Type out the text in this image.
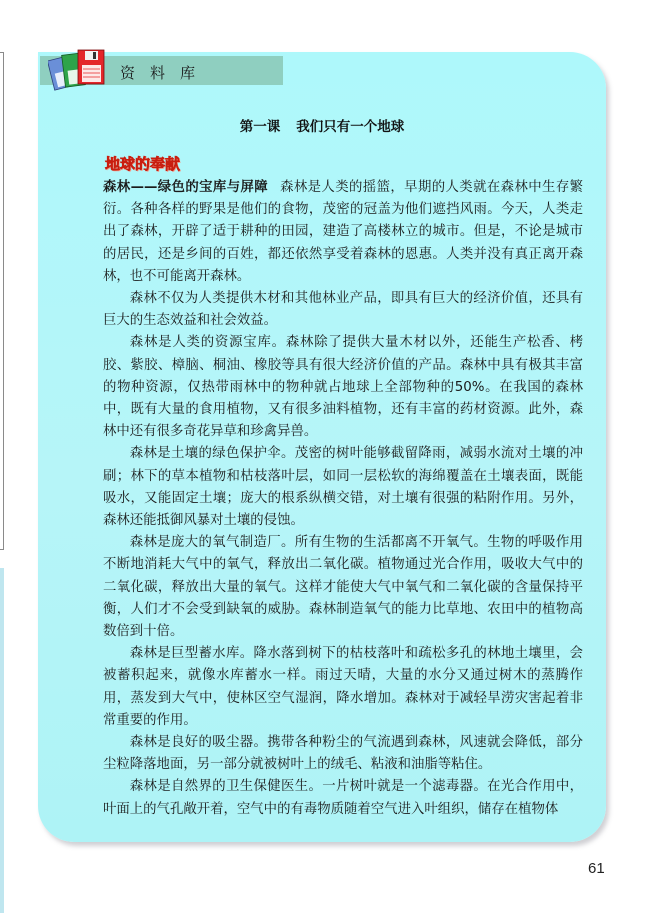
资料库
第一课 我们只有一个地球
地球的奉献

森林——绿色的宝库与屏障 森林是人类的摇篮，早期的人类就在森林中生存繁衍。各种各样的野果是他们的食物，茂密的冠盖为他们遮挡风雨。今天，人类走出了森林，开辟了适于耕种的田园，建造了高楼林立的城市。但是，不论是城市的居民，还是乡间的百姓，都还依然享受着森林的恩惠。人类并没有真正离开森林，也不可能离开森林。

森林不仅为人类提供木材和其他林业产品，即具有巨大的经济价值，还具有巨大的生态效益和社会效益。

森林是人类的资源宝库。森林除了提供大量木材以外，还能生产松香、栲胶、紫胶、樟脑、桐油、橡胶等具有很大经济价值的产品。森林中具有极其丰富的物种资源，仅热带雨林中的物种就占地球上全部物种的50%。在我国的森林中，既有大量的食用植物，又有很多油料植物，还有丰富的药材资源。此外，森林中还有很多奇花异草和珍禽异兽。

森林是土壤的绿色保护伞。茂密的树叶能够截留降雨，减弱水流对土壤的冲刷；林下的草本植物和枯枝落叶层，如同一层松软的海绵覆盖在土壤表面，既能吸水，又能固定土壤；庞大的根系纵横交错，对土壤有很强的粘附作用。另外，森林还能抵御风暴对土壤的侵蚀。

森林是庞大的氧气制造厂。所有生物的生活都离不开氧气。生物的呼吸作用不断地消耗大气中的氧气，释放出二氧化碳。植物通过光合作用，吸收大气中的二氧化碳，释放出大量的氧气。这样才能使大气中氧气和二氧化碳的含量保持平衡，人们才不会受到缺氧的威胁。森林制造氧气的能力比草地、农田中的植物高数倍到十倍。

森林是巨型蓄水库。降水落到树下的枯枝落叶和疏松多孔的林地土壤里，会被蓄积起来，就像水库蓄水一样。雨过天晴，大量的水分又通过树木的蒸腾作用，蒸发到大气中，使林区空气湿润，降水增加。森林对于减轻旱涝灾害起着非常重要的作用。

森林是良好的吸尘器。携带各种粉尘的气流遇到森林，风速就会降低，部分尘粒降落地面，另一部分就被树叶上的绒毛、粘液和油脂等粘住。

森林是自然界的卫生保健医生。一片树叶就是一个滤毒器。在光合作用中，叶面上的气孔敞开着，空气中的有毒物质随着空气进入叶组织，储存在植物体

61
